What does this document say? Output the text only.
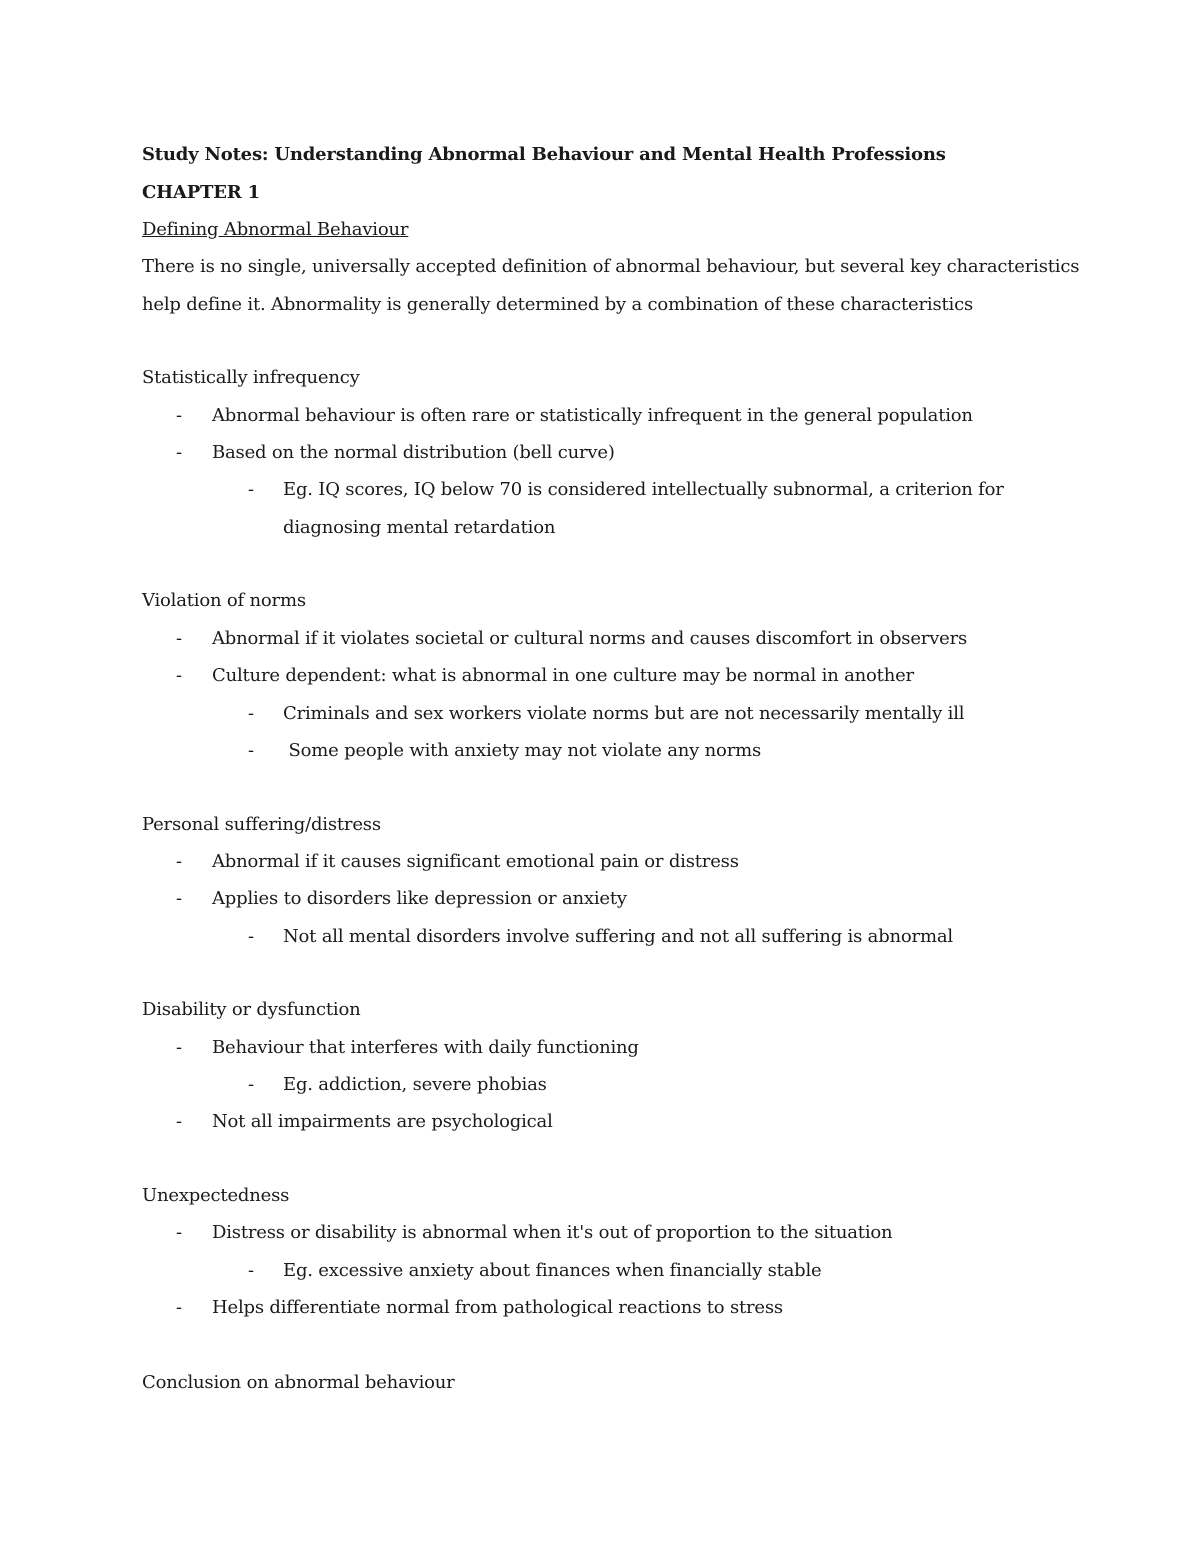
Study Notes: Understanding Abnormal Behaviour and Mental Health Professions
CHAPTER 1
Defining Abnormal Behaviour
There is no single, universally accepted definition of abnormal behaviour, but several key characteristics
help define it. Abnormality is generally determined by a combination of these characteristics
Statistically infrequency
- Abnormal behaviour is often rare or statistically infrequent in the general population
- Based on the normal distribution (bell curve)
- Eg. IQ scores, IQ below 70 is considered intellectually subnormal, a criterion for
diagnosing mental retardation
Violation of norms
- Abnormal if it violates societal or cultural norms and causes discomfort in observers
- Culture dependent: what is abnormal in one culture may be normal in another
- Criminals and sex workers violate norms but are not necessarily mentally ill
- Some people with anxiety may not violate any norms
Personal suffering/distress
- Abnormal if it causes significant emotional pain or distress
- Applies to disorders like depression or anxiety
- Not all mental disorders involve suffering and not all suffering is abnormal
Disability or dysfunction
- Behaviour that interferes with daily functioning
- Eg. addiction, severe phobias
- Not all impairments are psychological
Unexpectedness
- Distress or disability is abnormal when it's out of proportion to the situation
- Eg. excessive anxiety about finances when financially stable
- Helps differentiate normal from pathological reactions to stress
Conclusion on abnormal behaviour
